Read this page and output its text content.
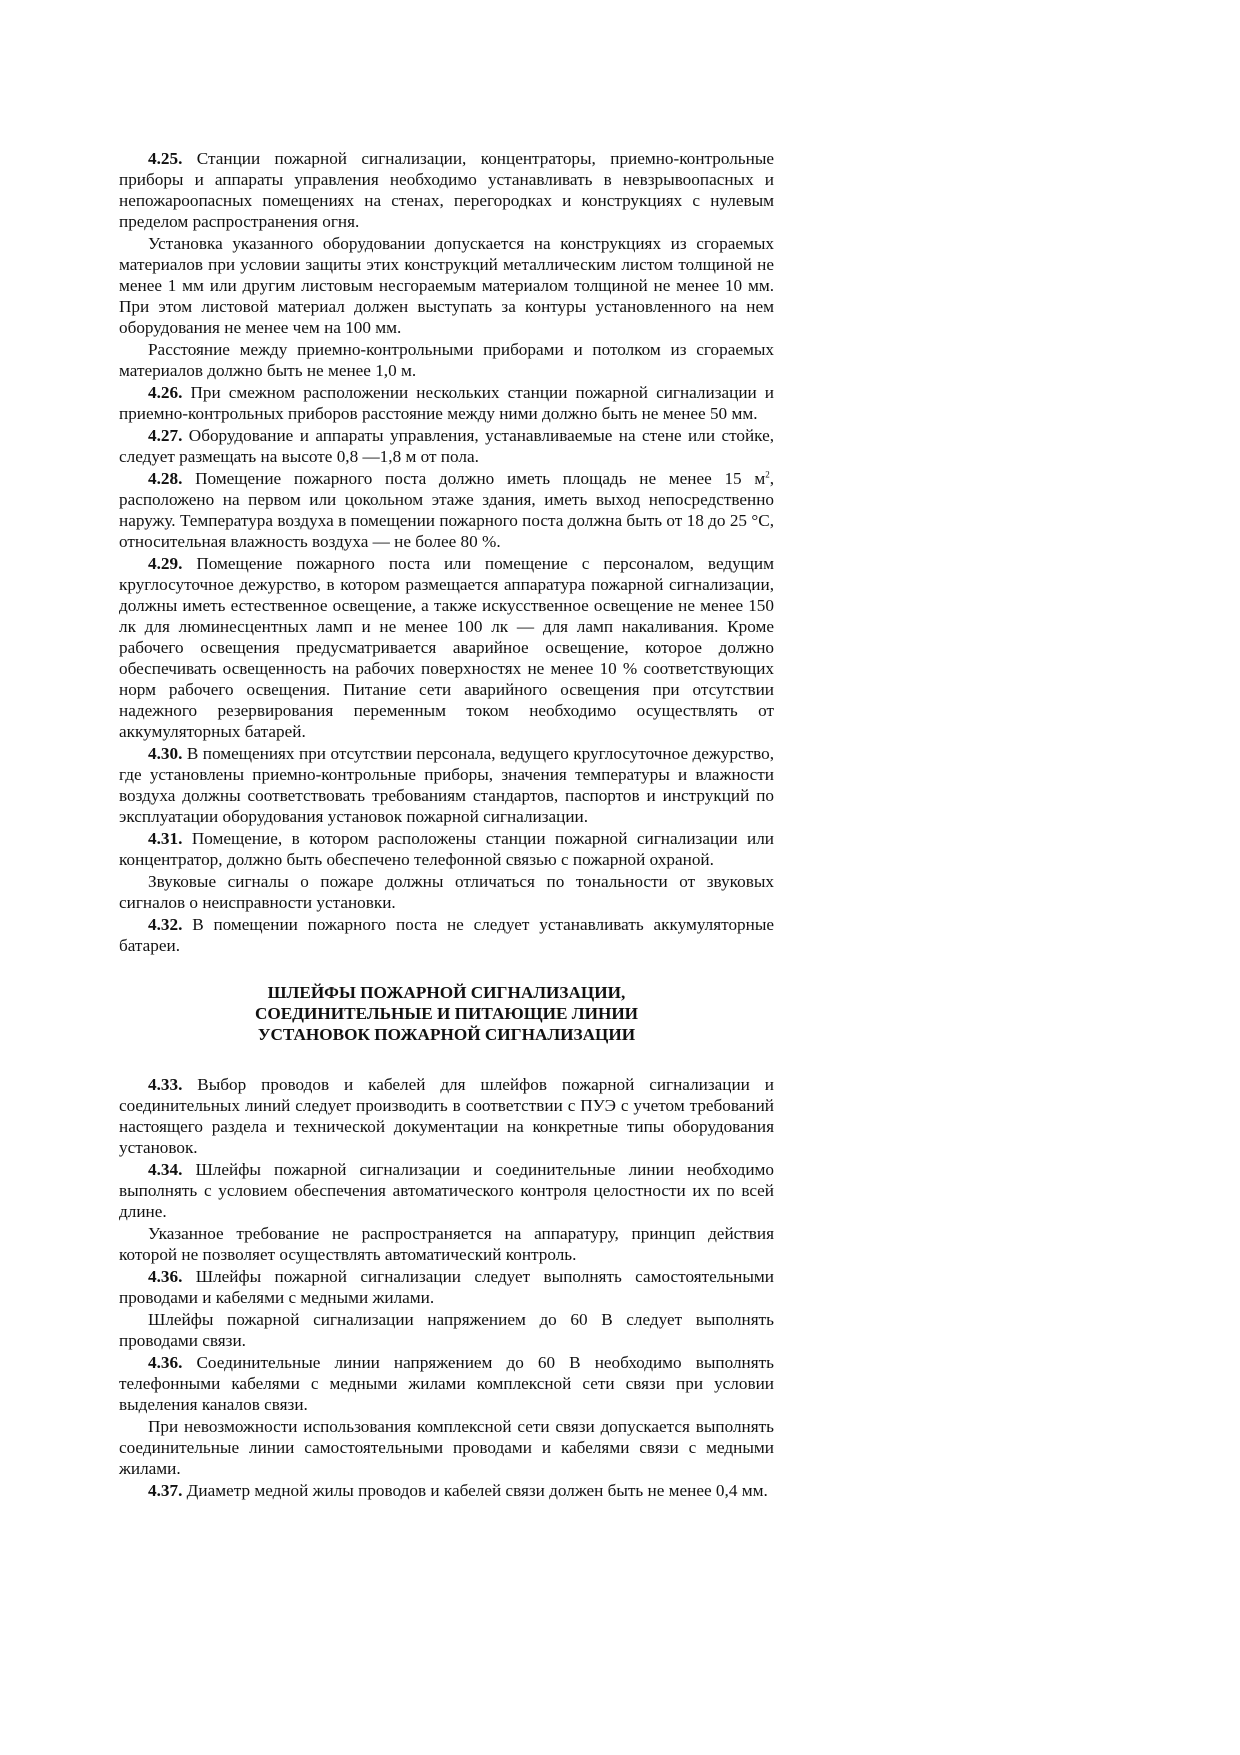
4.25. Станции пожарной сигнализации, концентраторы, приемно-контрольные приборы и аппараты управления необходимо устанавливать в невзрывоопасных и непожароопасных помещениях на стенах, перегородках и конструкциях с нулевым пределом распространения огня.

Установка указанного оборудовании допускается на конструкциях из сгораемых материалов при условии защиты этих конструкций металлическим листом толщиной не менее 1 мм или другим листовым несгораемым материалом толщиной не менее 10 мм. При этом листовой материал должен выступать за контуры установленного на нем оборудования не менее чем на 100 мм.

Расстояние между приемно-контрольными приборами и потолком из сгораемых материалов должно быть не менее 1,0 м.

4.26. При смежном расположении нескольких станции пожарной сигнализации и приемно-контрольных приборов расстояние между ними должно быть не менее 50 мм.

4.27. Оборудование и аппараты управления, устанавливаемые на стене или стойке, следует размещать на высоте 0,8 —1,8 м от пола.

4.28. Помещение пожарного поста должно иметь площадь не менее 15 $м^2$, расположено на первом или цокольном этаже здания, иметь выход непосредственно наружу. Температура воздуха в помещении пожарного поста должна быть от 18 до 25 °С, относительная влажность воздуха — не более 80 %.

4.29. Помещение пожарного поста или помещение с персоналом, ведущим круглосуточное дежурство, в котором размещается аппаратура пожарной сигнализации, должны иметь естественное освещение, а также искусственное освещение не менее 150 лк для люминесцентных ламп и не менее 100 лк — для ламп накаливания. Кроме рабочего освещения предусматривается аварийное освещение, которое должно обеспечивать освещенность на рабочих поверхностях не менее 10 % соответствующих норм рабочего освещения. Питание сети аварийного освещения при отсутствии надежного резервирования переменным током необходимо осуществлять от аккумуляторных батарей.

4.30. В помещениях при отсутствии персонала, ведущего круглосуточное дежурство, где установлены приемно-контрольные приборы, значения температуры и влажности воздуха должны соответствовать требованиям стандартов, паспортов и инструкций по эксплуатации оборудования установок пожарной сигнализации.

4.31. Помещение, в котором расположены станции пожарной сигнализации или концентратор, должно быть обеспечено телефонной связью с пожарной охраной.

Звуковые сигналы о пожаре должны отличаться по тональности от звуковых сигналов о неисправности установки.

4.32. В помещении пожарного поста не следует устанавливать аккумуляторные батареи.

ШЛЕЙФЫ ПОЖАРНОЙ СИГНАЛИЗАЦИИ,
СОЕДИНИТЕЛЬНЫЕ И ПИТАЮЩИЕ ЛИНИИ
УСТАНОВОК ПОЖАРНОЙ СИГНАЛИЗАЦИИ

4.33. Выбор проводов и кабелей для шлейфов пожарной сигнализации и соединительных линий следует производить в соответствии с ПУЭ с учетом требований настоящего раздела и технической документации на конкретные типы оборудования установок.

4.34. Шлейфы пожарной сигнализации и соединительные линии необходимо выполнять с условием обеспечения автоматического контроля целостности их по всей длине.

Указанное требование не распространяется на аппаратуру, принцип действия которой не позволяет осуществлять автоматический контроль.

4.36. Шлейфы пожарной сигнализации следует выполнять самостоятельными проводами и кабелями с медными жилами.

Шлейфы пожарной сигнализации напряжением до 60 В следует выполнять проводами связи.

4.36. Соединительные линии напряжением до 60 В необходимо выполнять телефонными кабелями с медными жилами комплексной сети связи при условии выделения каналов связи.

При невозможности использования комплексной сети связи допускается выполнять соединительные линии самостоятельными проводами и кабелями связи с медными жилами.

4.37. Диаметр медной жилы проводов и кабелей связи должен быть не менее 0,4 мм.
